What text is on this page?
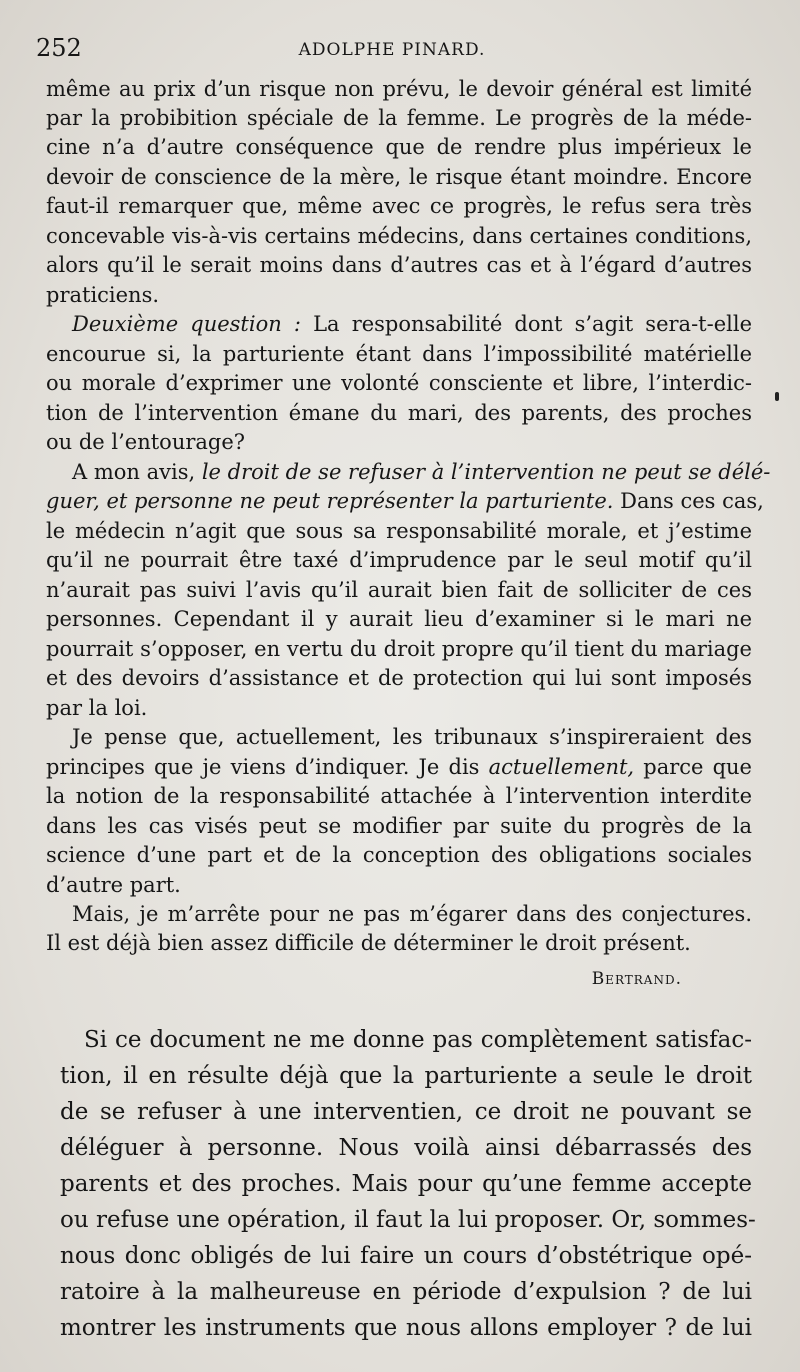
252	ADOLPHE PINARD.
même au prix d’un risque non prévu, le devoir général est limité
par la probibition spéciale de la femme. Le progrès de la méde-
cine n’a d’autre conséquence que de rendre plus impérieux le
devoir de conscience de la mère, le risque étant moindre. Encore
faut-il remarquer que, même avec ce progrès, le refus sera très
concevable vis-à-vis certains médecins, dans certaines conditions,
alors qu’il le serait moins dans d’autres cas et à l’égard d’autres
praticiens.
Deuxième question : La responsabilité dont s’agit sera-t-elle
encourue si, la parturiente étant dans l’impossibilité matérielle
ou morale d’exprimer une volonté consciente et libre, l’interdic-
tion de l’intervention émane du mari, des parents, des proches
ou de l’entourage?
A mon avis, le droit de se refuser à l’intervention ne peut se délé-
guer, et personne ne peut représenter la parturiente. Dans ces cas,
le médecin n’agit que sous sa responsabilité morale, et j’estime
qu’il ne pourrait être taxé d’imprudence par le seul motif qu’il
n’aurait pas suivi l’avis qu’il aurait bien fait de solliciter de ces
personnes. Cependant il y aurait lieu d’examiner si le mari ne
pourrait s’opposer, en vertu du droit propre qu’il tient du mariage
et des devoirs d’assistance et de protection qui lui sont imposés
par la loi.
Je pense que, actuellement, les tribunaux s’inspireraient des
principes que je viens d’indiquer. Je dis actuellement, parce que
la notion de la responsabilité attachée à l’intervention interdite
dans les cas visés peut se modifier par suite du progrès de la
science d’une part et de la conception des obligations sociales
d’autre part.
Mais, je m’arrête pour ne pas m’égarer dans des conjectures.
Il est déjà bien assez difficile de déterminer le droit présent.
Bertrand.
Si ce document ne me donne pas complètement satisfac-
tion, il en résulte déjà que la parturiente a seule le droit
de se refuser à une interventien, ce droit ne pouvant se
déléguer à personne. Nous voilà ainsi débarrassés des
parents et des proches. Mais pour qu’une femme accepte
ou refuse une opération, il faut la lui proposer. Or, sommes-
nous donc obligés de lui faire un cours d’obstétrique opé-
ratoire à la malheureuse en période d’expulsion ? de lui
montrer les instruments que nous allons employer ? de lui
